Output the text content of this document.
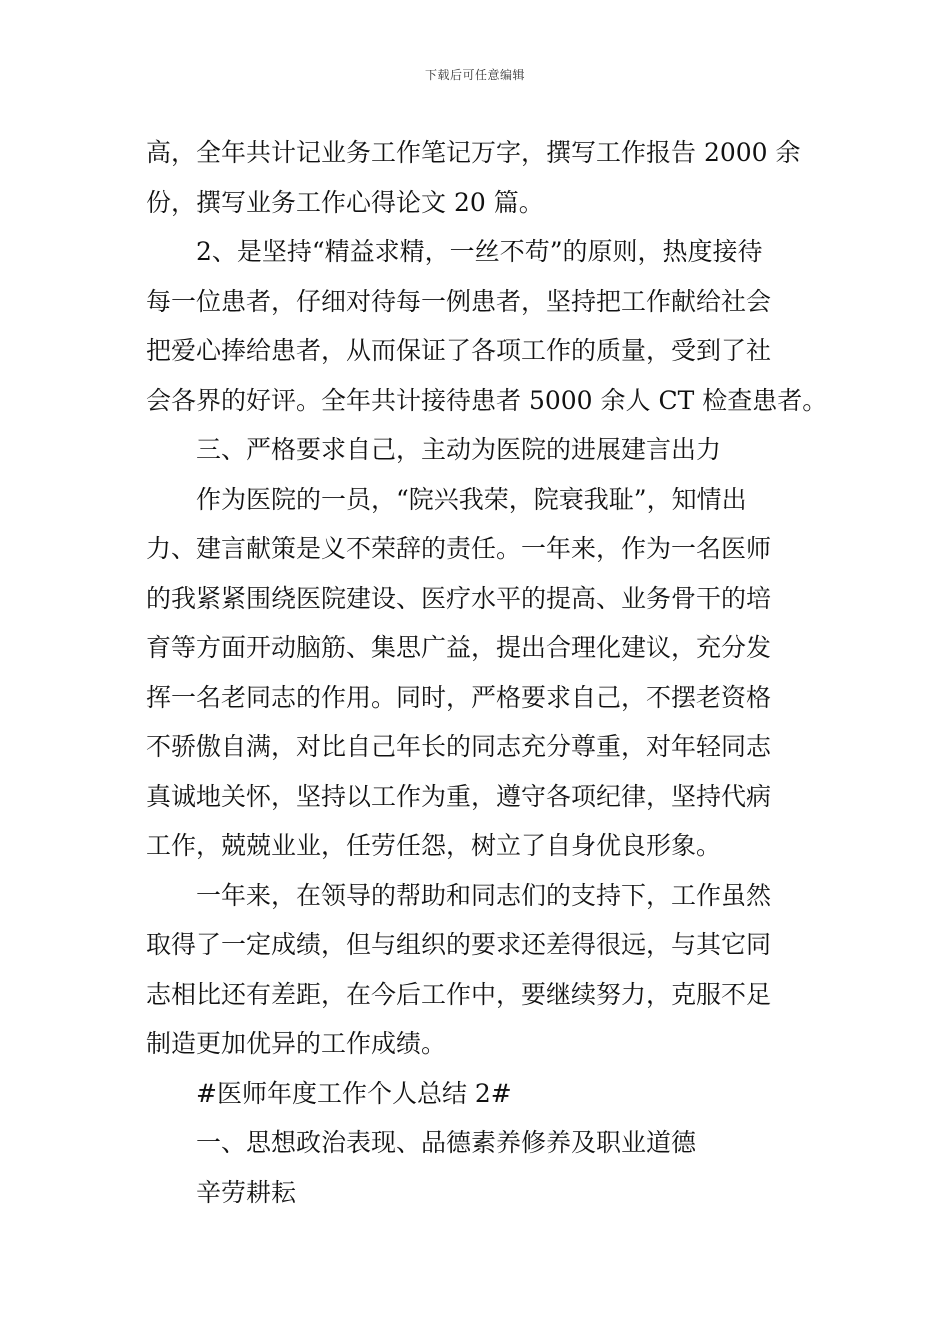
下载后可任意编辑
高，全年共计记业务工作笔记万字，撰写工作报告 2000 余
份，撰写业务工作心得论文 20 篇。
2、是坚持“精益求精，一丝不苟”的原则，热度接待
每一位患者，仔细对待每一例患者，坚持把工作献给社会
把爱心捧给患者，从而保证了各项工作的质量，受到了社
会各界的好评。全年共计接待患者 5000 余人 CT 检查患者。
三、严格要求自己，主动为医院的进展建言出力
作为医院的一员，“院兴我荣，院衰我耻”，知情出
力、建言献策是义不荣辞的责任。一年来，作为一名医师
的我紧紧围绕医院建设、医疗水平的提高、业务骨干的培
育等方面开动脑筋、集思广益，提出合理化建议，充分发
挥一名老同志的作用。同时，严格要求自己，不摆老资格
不骄傲自满，对比自己年长的同志充分尊重，对年轻同志
真诚地关怀，坚持以工作为重，遵守各项纪律，坚持代病
工作，兢兢业业，任劳任怨，树立了自身优良形象。
一年来，在领导的帮助和同志们的支持下，工作虽然
取得了一定成绩，但与组织的要求还差得很远，与其它同
志相比还有差距，在今后工作中，要继续努力，克服不足
制造更加优异的工作成绩。
#医师年度工作个人总结 2#
一、思想政治表现、品德素养修养及职业道德
辛劳耕耘
